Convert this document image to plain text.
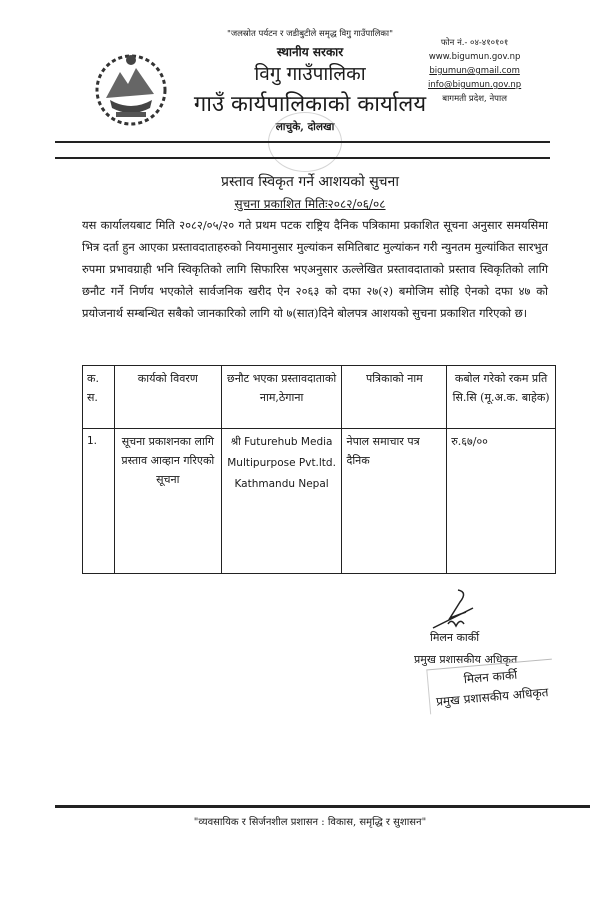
"जलस्रोत पर्यटन र जडीबुटीले समृद्ध विगु गाउँपालिका"
स्थानीय सरकार
विगु गाउँपालिका
गाउँ कार्यपालिकाको कार्यालय
लाचुके, दोलखा
फोन नं.- ०४-४१०१०१
www.bigumun.gov.np
bigumun@gmail.com
info@bigumun.gov.np
बागमती प्रदेश, नेपाल
प्रस्ताव स्विकृत गर्ने आशयको सुचना
सुचना प्रकाशित मितिः२०८२/०६/०८
यस कार्यालयबाट मिति २०८२/०५/२० गते प्रथम पटक राष्ट्रिय दैनिक पत्रिकामा प्रकाशित सूचना अनुसार समयसिमा भित्र दर्ता हुन आएका प्रस्तावदाताहरुको नियमानुसार मुल्यांकन समितिबाट मुल्यांकन गरी न्युनतम मुल्यांकित सारभुत रुपमा प्रभावग्राही भनि स्विकृतिको लागि सिफारिस भएअनुसार ऊल्लेखित प्रस्तावदाताको प्रस्ताव स्विकृतिको लागि छनौट गर्ने निर्णय भएकोले सार्वजनिक खरीद ऐन २०६३ को दफा २७(२) बमोजिम सोहि ऐनको दफा ४७ को प्रयोजनार्थ सम्बन्धित सबैको जानकारिको लागि यो ७(सात)दिने बोलपत्र आशयको सुचना प्रकाशित गरिएको छ।
क. स.	कार्यको विवरण	छनौट भएका प्रस्तावदाताको नाम,ठेगाना	पत्रिकाको नाम	कबोल गरेको रकम प्रति सि.सि (मू.अ.क. बाहेक)
1.	सूचना प्रकाशनका लागि प्रस्ताव आव्हान गरिएको सूचना	श्री Futurehub Media Multipurpose Pvt.ltd. Kathmandu Nepal	नेपाल समाचार पत्र दैनिक	रु.६७/००
मिलन कार्की
प्रमुख प्रशासकीय अधिकृत
मिलन कार्की
प्रमुख प्रशासकीय अधिकृत
"व्यवसायिक र सिर्जनशील प्रशासन : विकास, समृद्धि र सुशासन"
